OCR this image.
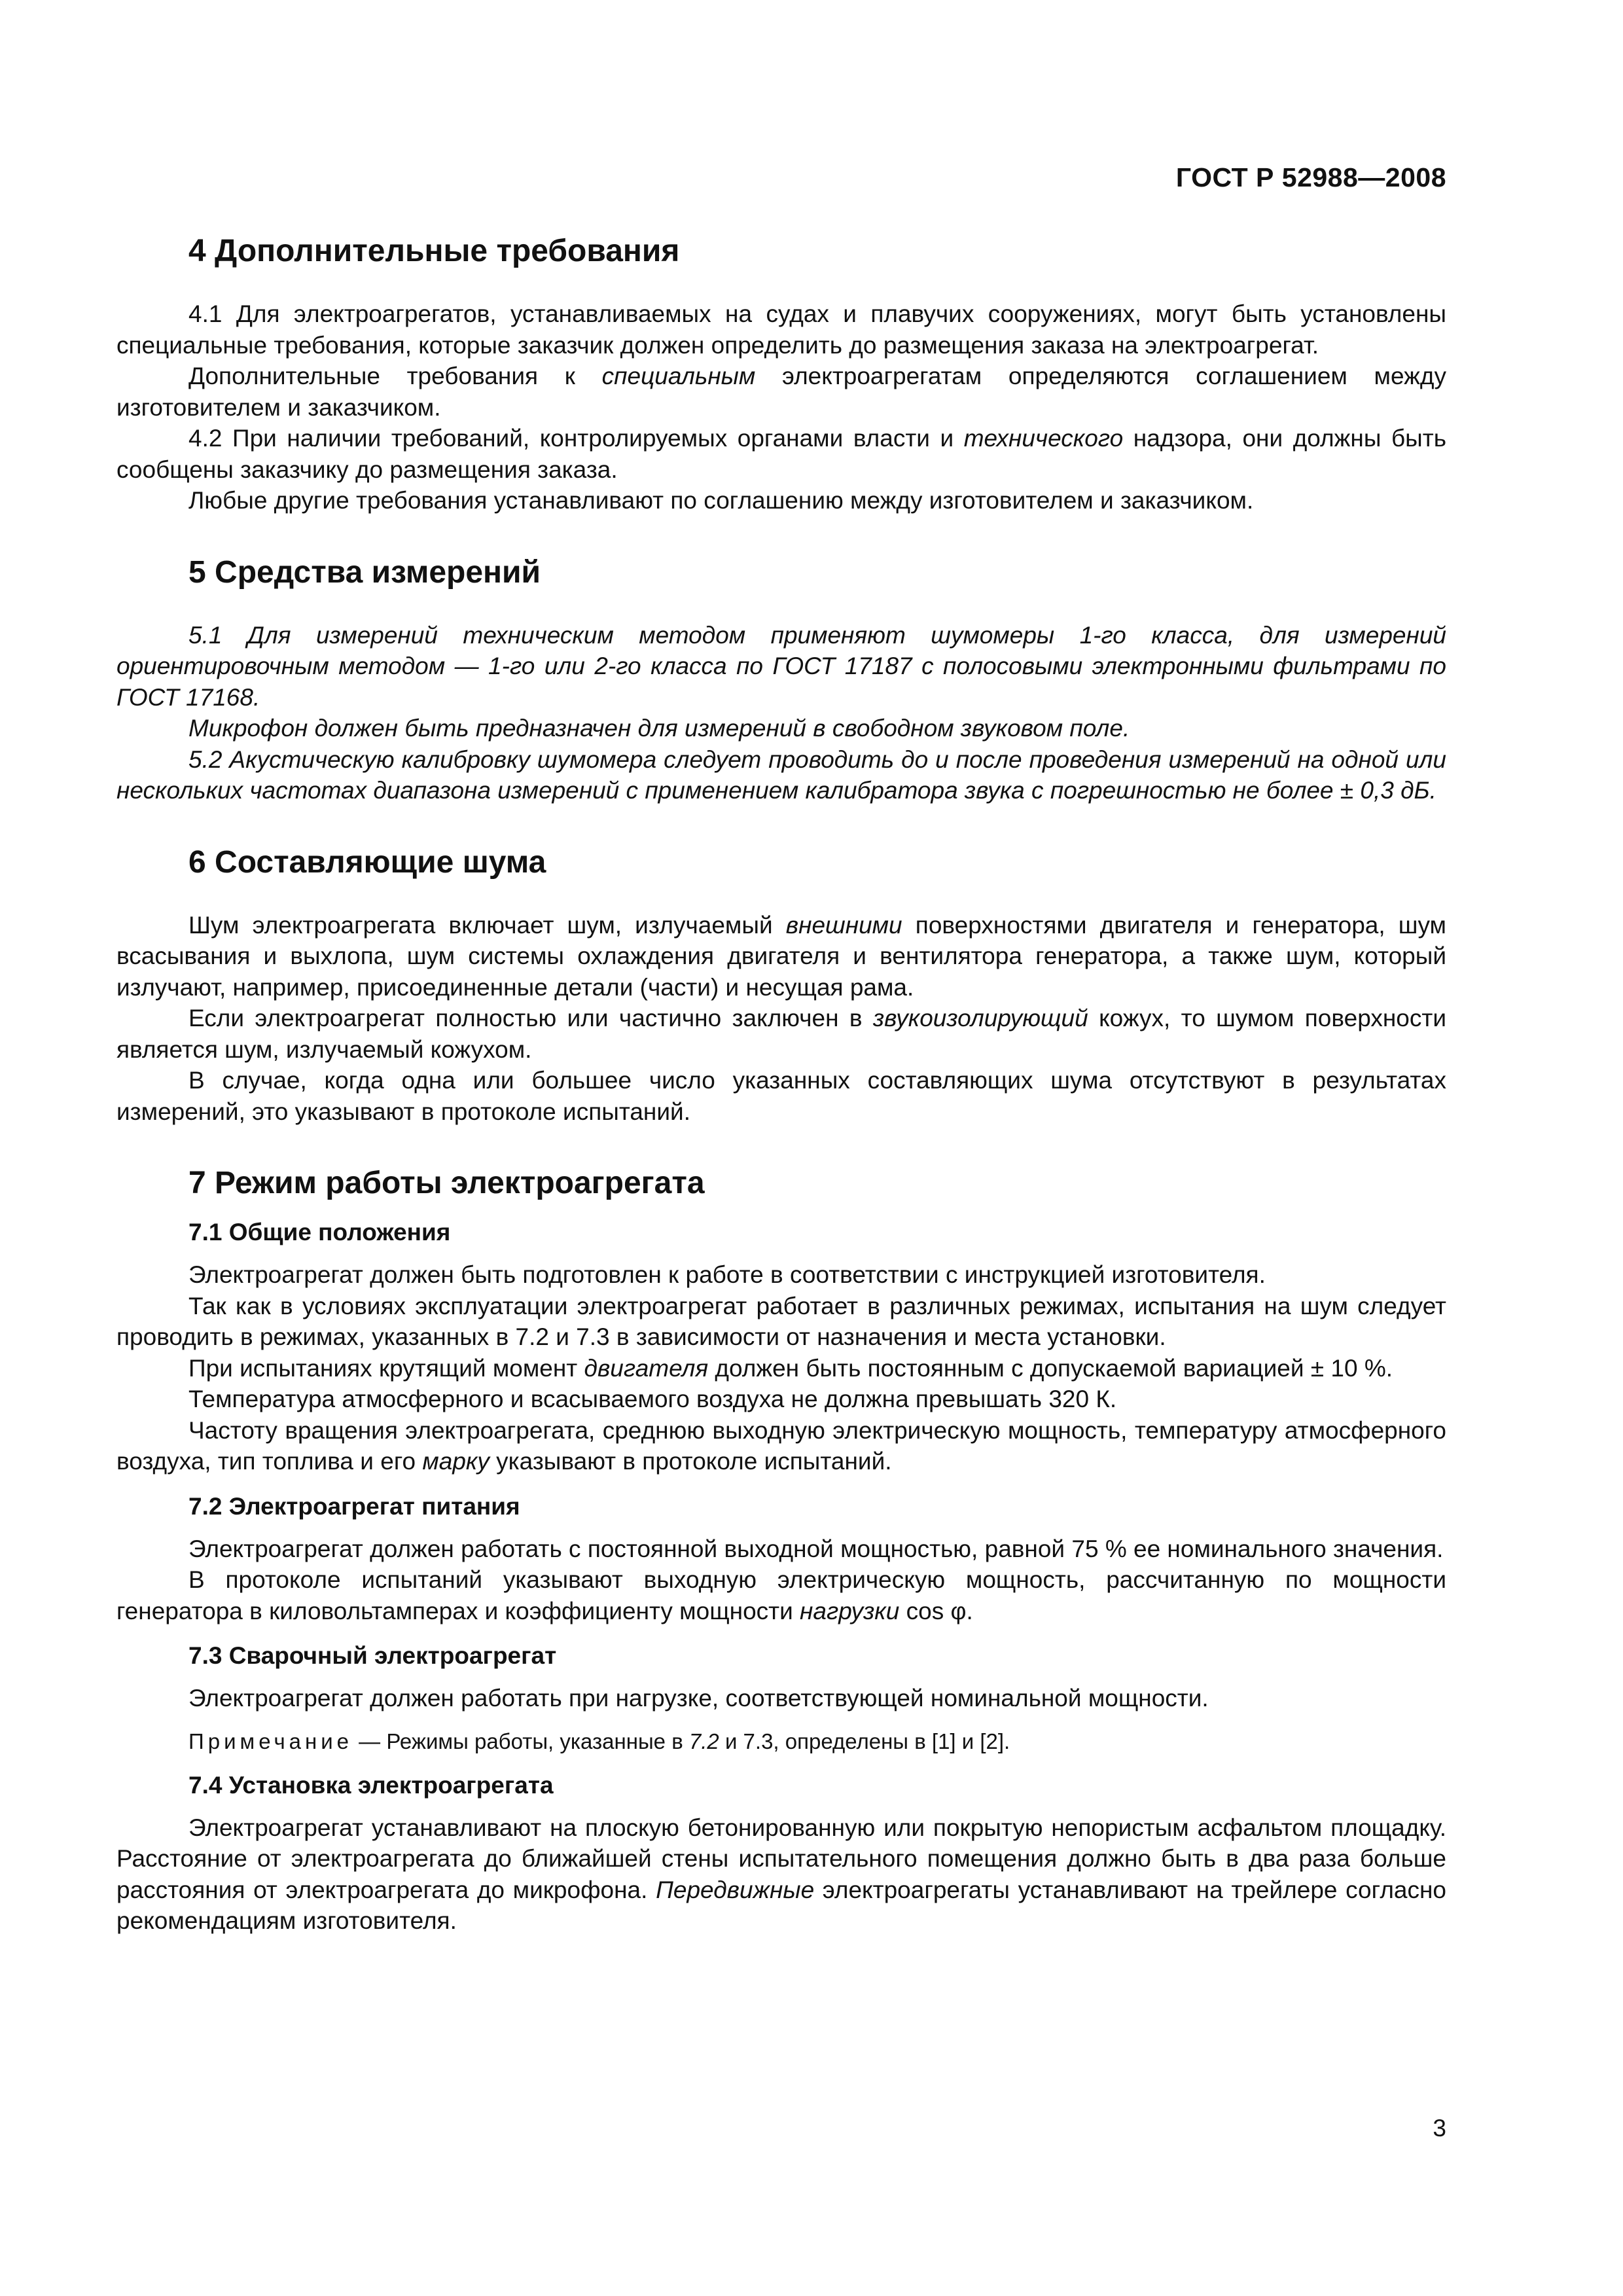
ГОСТ Р 52988—2008
4 Дополнительные требования

4.1 Для электроагрегатов, устанавливаемых на судах и плавучих сооружениях, могут быть установлены специальные требования, которые заказчик должен определить до размещения заказа на электроагрегат.

Дополнительные требования к специальным электроагрегатам определяются соглашением между изготовителем и заказчиком.

4.2 При наличии требований, контролируемых органами власти и технического надзора, они должны быть сообщены заказчику до размещения заказа.

Любые другие требования устанавливают по соглашению между изготовителем и заказчиком.

5 Средства измерений

5.1 Для измерений техническим методом применяют шумомеры 1-го класса, для измерений ориентировочным методом — 1-го или 2-го класса по ГОСТ 17187 с полосовыми электронными фильтрами по ГОСТ 17168.

Микрофон должен быть предназначен для измерений в свободном звуковом поле.

5.2 Акустическую калибровку шумомера следует проводить до и после проведения измерений на одной или нескольких частотах диапазона измерений с применением калибратора звука с погрешностью не более ± 0,3 дБ.

6 Составляющие шума

Шум электроагрегата включает шум, излучаемый внешними поверхностями двигателя и генератора, шум всасывания и выхлопа, шум системы охлаждения двигателя и вентилятора генератора, а также шум, который излучают, например, присоединенные детали (части) и несущая рама.

Если электроагрегат полностью или частично заключен в звукоизолирующий кожух, то шумом поверхности является шум, излучаемый кожухом.

В случае, когда одна или большее число указанных составляющих шума отсутствуют в результатах измерений, это указывают в протоколе испытаний.

7 Режим работы электроагрегата
7.1 Общие положения

Электроагрегат должен быть подготовлен к работе в соответствии с инструкцией изготовителя.

Так как в условиях эксплуатации электроагрегат работает в различных режимах, испытания на шум следует проводить в режимах, указанных в 7.2 и 7.3 в зависимости от назначения и места установки.

При испытаниях крутящий момент двигателя должен быть постоянным с допускаемой вариацией ± 10 %.

Температура атмосферного и всасываемого воздуха не должна превышать 320 К.

Частоту вращения электроагрегата, среднюю выходную электрическую мощность, температуру атмосферного воздуха, тип топлива и его марку указывают в протоколе испытаний.

7.2 Электроагрегат питания

Электроагрегат должен работать с постоянной выходной мощностью, равной 75 % ее номинального значения.

В протоколе испытаний указывают выходную электрическую мощность, рассчитанную по мощности генератора в киловольтамперах и коэффициенту мощности нагрузки cos φ.

7.3 Сварочный электроагрегат

Электроагрегат должен работать при нагрузке, соответствующей номинальной мощности.

Примечание — Режимы работы, указанные в 7.2 и 7.3, определены в [1] и [2].
7.4 Установка электроагрегата

Электроагрегат устанавливают на плоскую бетонированную или покрытую непористым асфальтом площадку. Расстояние от электроагрегата до ближайшей стены испытательного помещения должно быть в два раза больше расстояния от электроагрегата до микрофона. Передвижные электроагрегаты устанавливают на трейлере согласно рекомендациям изготовителя.

3
